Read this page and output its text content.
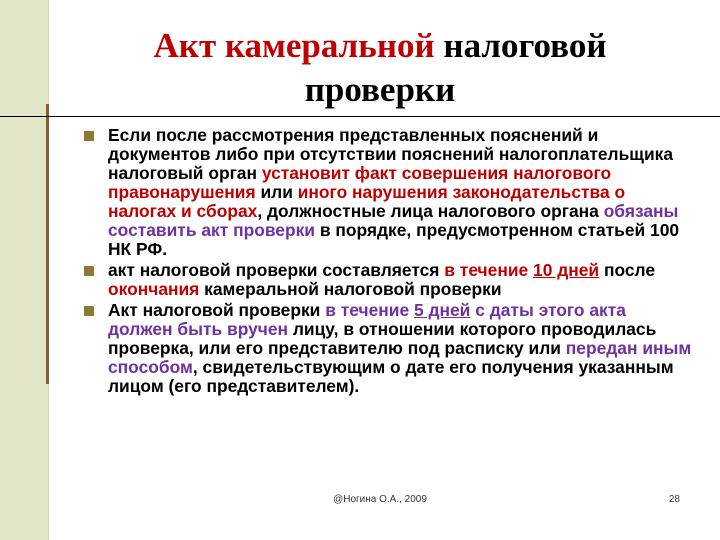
Акт камеральной налоговой
проверки
Если после рассмотрения представленных пояснений и документов либо при отсутствии пояснений налогоплательщика налоговый орган установит факт совершения налогового правонарушения или иного нарушения законодательства о налогах и сборах, должностные лица налогового органа обязаны составить акт проверки в порядке, предусмотренном статьей 100 НК РФ.
акт налоговой проверки составляется в течение 10 дней после окончания камеральной налоговой проверки
Акт налоговой проверки в течение 5 дней с даты этого акта должен быть вручен лицу, в отношении которого проводилась проверка, или его представителю под расписку или передан иным способом, свидетельствующим о дате его получения указанным лицом (его представителем).
@Ногина О.А., 2009	28
